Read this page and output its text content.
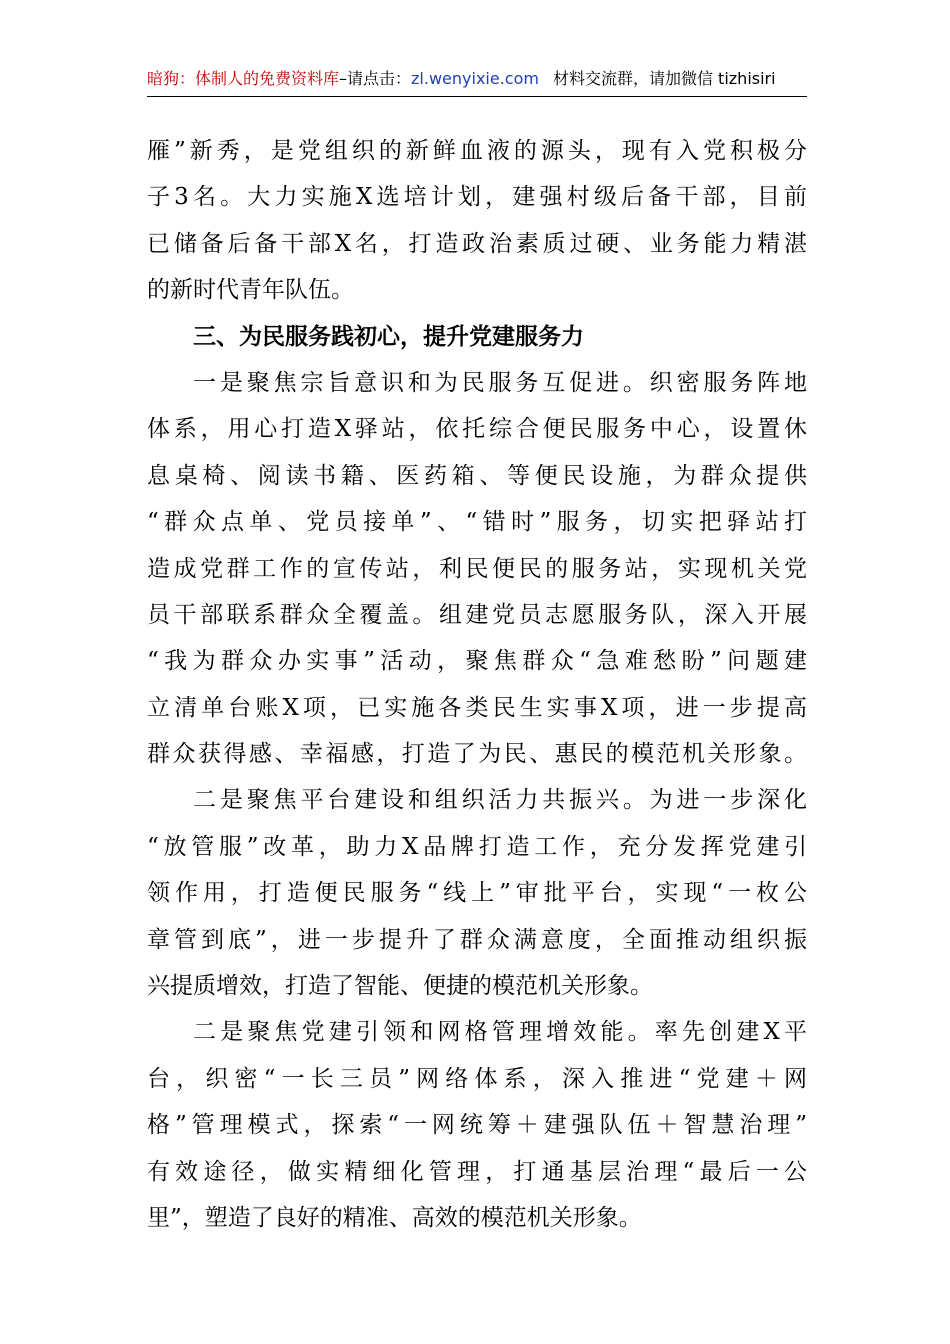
暗狗：体制人的免费资料库–请点击：zl.wenyixie.com 材料交流群，请加微信 tizhisiri
雁”新秀，是党组织的新鲜血液的源头，现有入党积极分
子3名。大力实施X选培计划，建强村级后备干部，目前
已储备后备干部X名，打造政治素质过硬、业务能力精湛
的新时代青年队伍。
三、为民服务践初心，提升党建服务力
一是聚焦宗旨意识和为民服务互促进。织密服务阵地
体系，用心打造X驿站，依托综合便民服务中心，设置休
息桌椅、阅读书籍、医药箱、等便民设施，为群众提供
“群众点单、党员接单”、“错时”服务，切实把驿站打
造成党群工作的宣传站，利民便民的服务站，实现机关党
员干部联系群众全覆盖。组建党员志愿服务队，深入开展
“我为群众办实事”活动，聚焦群众“急难愁盼”问题建
立清单台账X项，已实施各类民生实事X项，进一步提高
群众获得感、幸福感，打造了为民、惠民的模范机关形象。
二是聚焦平台建设和组织活力共振兴。为进一步深化
“放管服”改革，助力X品牌打造工作，充分发挥党建引
领作用，打造便民服务“线上”审批平台，实现“一枚公
章管到底”，进一步提升了群众满意度，全面推动组织振
兴提质增效，打造了智能、便捷的模范机关形象。
二是聚焦党建引领和网格管理增效能。率先创建X平
台，织密“一长三员”网络体系，深入推进“党建＋网
格”管理模式，探索“一网统筹＋建强队伍＋智慧治理”
有效途径，做实精细化管理，打通基层治理“最后一公
里”，塑造了良好的精准、高效的模范机关形象。
